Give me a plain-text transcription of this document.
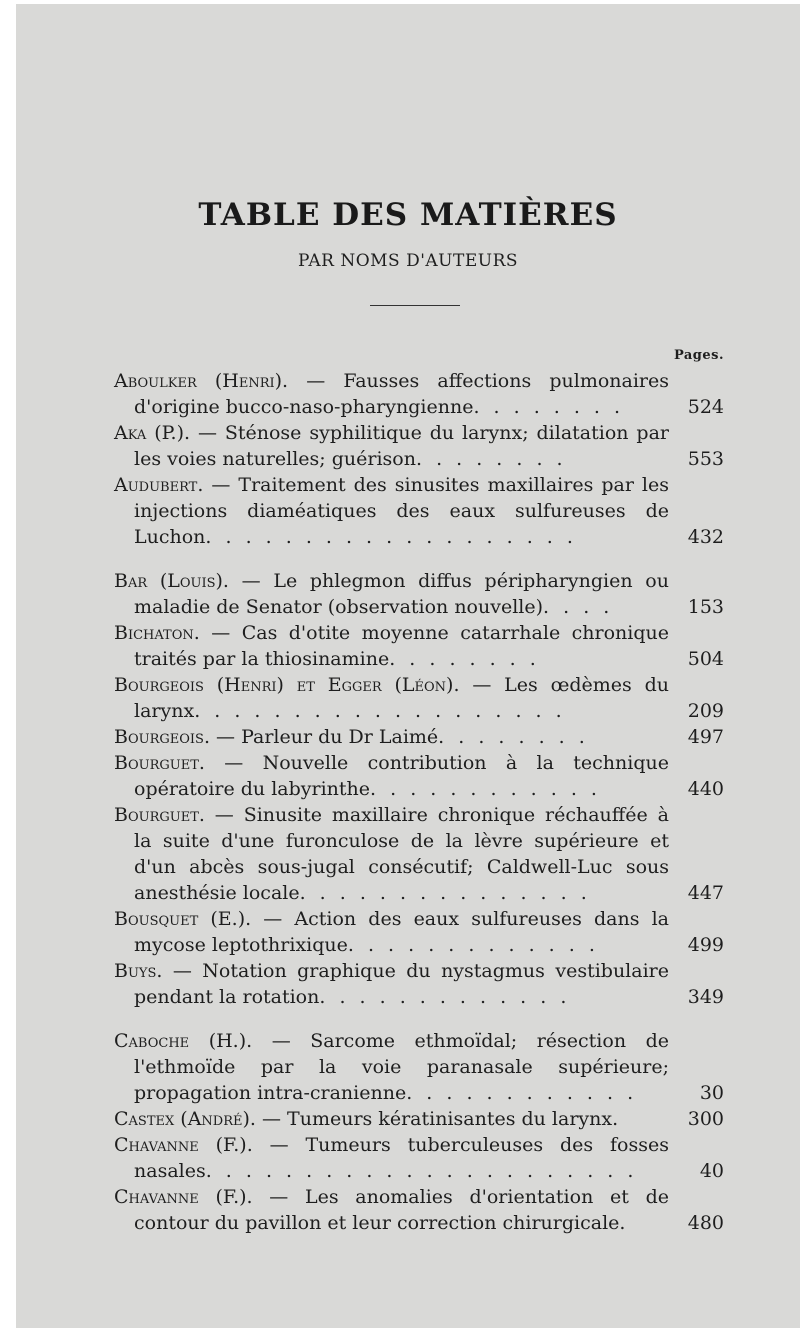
TABLE DES MATIÈRES
PAR NOMS D'AUTEURS
Pages.
Aboulker (Henri). — Fausses affections pulmonaires d'origine bucco-naso-pharyngienne. . . . . . . .	524
Aka (P.). — Sténose syphilitique du larynx; dilatation par les voies naturelles; guérison. . . . . . . .	553
Audubert. — Traitement des sinusites maxillaires par les injections diaméatiques des eaux sulfureuses de Luchon. . . . . . . . . . . . . . . . . . .	432
Bar (Louis). — Le phlegmon diffus péripharyngien ou maladie de Senator (observation nouvelle). . . .	153
Bichaton. — Cas d'otite moyenne catarrhale chronique traités par la thiosinamine. . . . . . . .	504
Bourgeois (Henri) et Egger (Léon). — Les œdèmes du larynx. . . . . . . . . . . . . . . . . . .	209
Bourgeois. — Parleur du Dr Laimé. . . . . . . .	497
Bourguet. — Nouvelle contribution à la technique opératoire du labyrinthe. . . . . . . . . . . .	440
Bourguet. — Sinusite maxillaire chronique réchauffée à la suite d'une furonculose de la lèvre supérieure et d'un abcès sous-jugal consécutif; Caldwell-Luc sous anesthésie locale. . . . . . . . . . . . . . .	447
Bousquet (E.). — Action des eaux sulfureuses dans la mycose leptothrixique. . . . . . . . . . . . .	499
Buys. — Notation graphique du nystagmus vestibulaire pendant la rotation. . . . . . . . . . . . .	349
Caboche (H.). — Sarcome ethmoïdal; résection de l'ethmoïde par la voie paranasale supérieure; propagation intra-cranienne. . . . . . . . . . . .	30
Castex (André). — Tumeurs kératinisantes du larynx.	300
Chavanne (F.). — Tumeurs tuberculeuses des fosses nasales. . . . . . . . . . . . . . . . . . . . . .	40
Chavanne (F.). — Les anomalies d'orientation et de contour du pavillon et leur correction chirurgicale.	480
